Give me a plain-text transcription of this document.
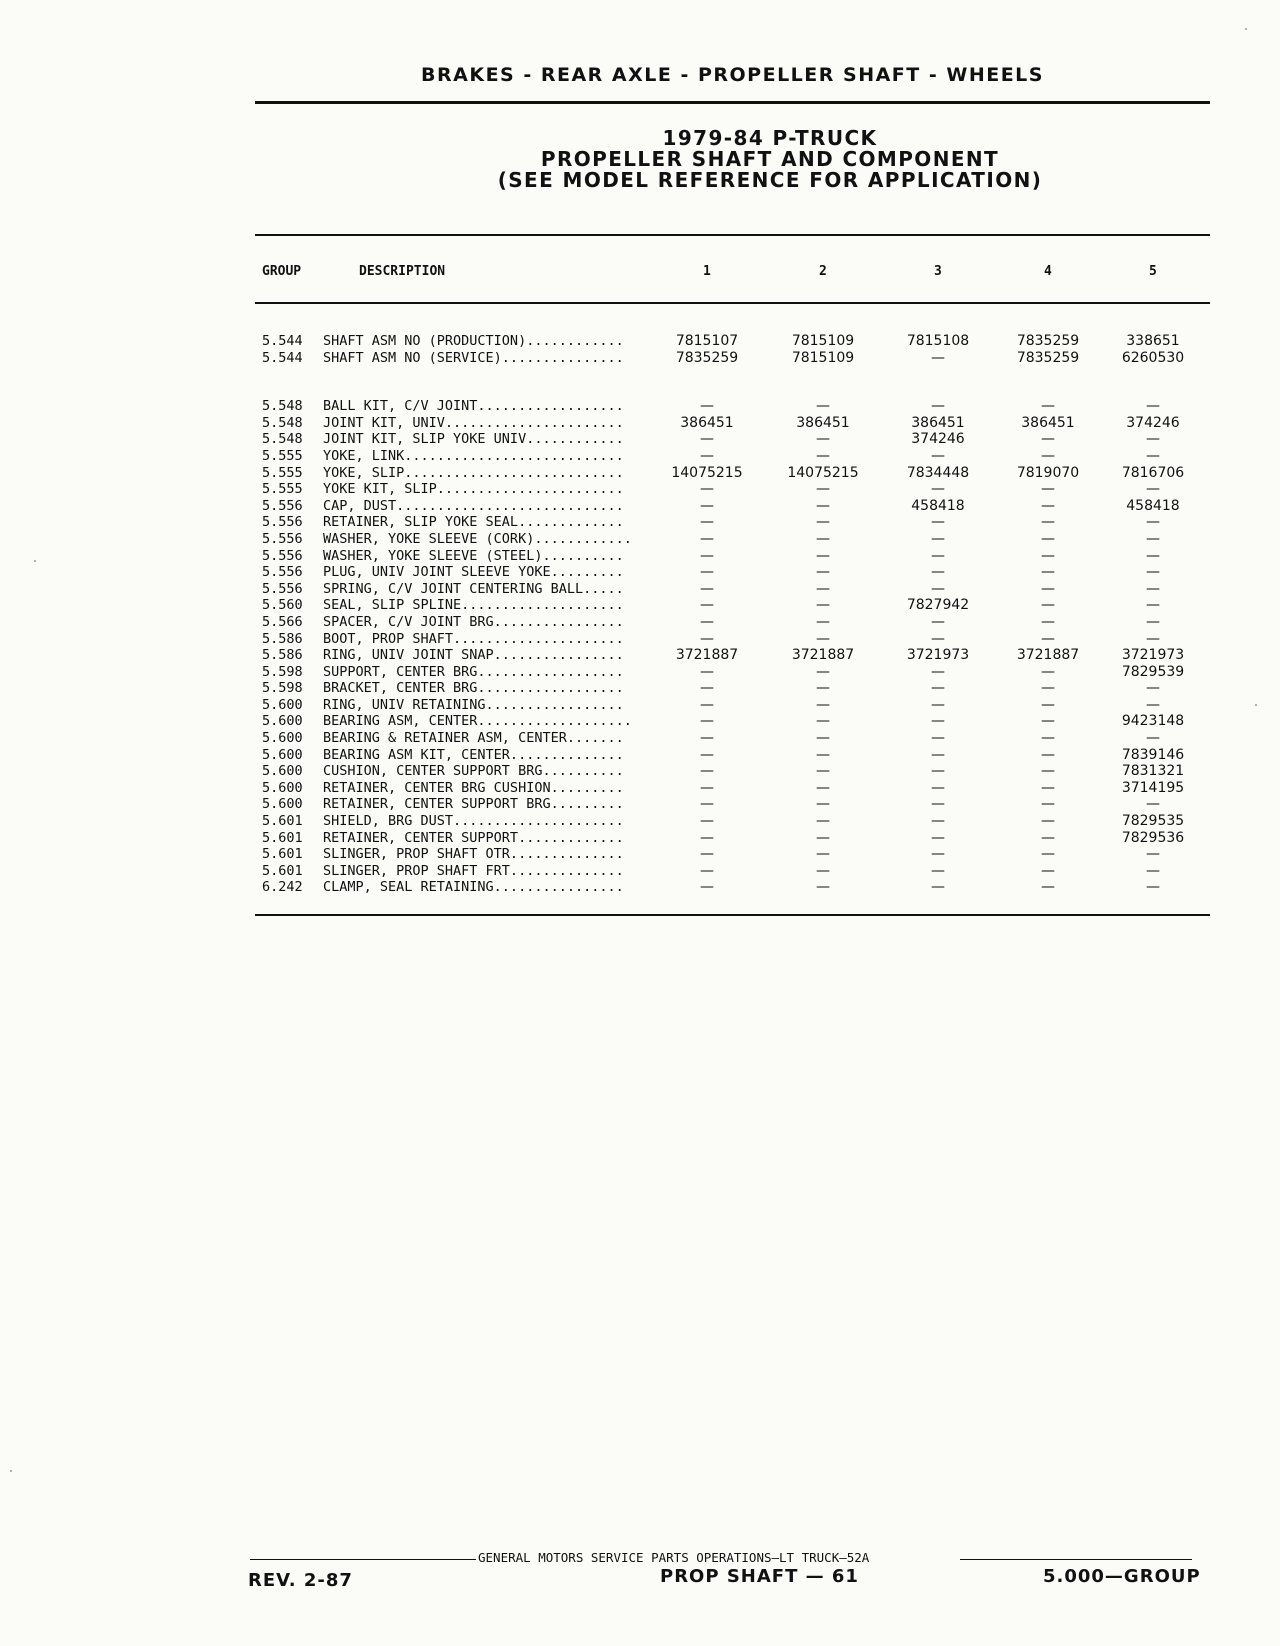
BRAKES - REAR AXLE - PROPELLER SHAFT - WHEELS
1979-84 P-TRUCK
PROPELLER SHAFT AND COMPONENT
(SEE MODEL REFERENCE FOR APPLICATION)
GROUP	DESCRIPTION	1	2	3	4	5
5.544 SHAFT ASM NO (PRODUCTION)............	7815107	7815109	7815108	7835259	338651
5.544 SHAFT ASM NO (SERVICE)...............	7835259	7815109	—	7835259	6260530
5.548 BALL KIT, C/V JOINT..................	—	—	—	—	—
5.548 JOINT KIT, UNIV......................	386451	386451	386451	386451	374246
5.548 JOINT KIT, SLIP YOKE UNIV............	—	—	374246	—	—
5.555 YOKE, LINK...........................	—	—	—	—	—
5.555 YOKE, SLIP...........................	14075215	14075215	7834448	7819070	7816706
5.555 YOKE KIT, SLIP.......................	—	—	—	—	—
5.556 CAP, DUST............................	—	—	458418	—	458418
5.556 RETAINER, SLIP YOKE SEAL.............	—	—	—	—	—
5.556 WASHER, YOKE SLEEVE (CORK)............	—	—	—	—	—
5.556 WASHER, YOKE SLEEVE (STEEL)..........	—	—	—	—	—
5.556 PLUG, UNIV JOINT SLEEVE YOKE.........	—	—	—	—	—
5.556 SPRING, C/V JOINT CENTERING BALL.....	—	—	—	—	—
5.560 SEAL, SLIP SPLINE....................	—	—	7827942	—	—
5.566 SPACER, C/V JOINT BRG................	—	—	—	—	—
5.586 BOOT, PROP SHAFT.....................	—	—	—	—	—
5.586 RING, UNIV JOINT SNAP................	3721887	3721887	3721973	3721887	3721973
5.598 SUPPORT, CENTER BRG..................	—	—	—	—	7829539
5.598 BRACKET, CENTER BRG..................	—	—	—	—	—
5.600 RING, UNIV RETAINING.................	—	—	—	—	—
5.600 BEARING ASM, CENTER...................	—	—	—	—	9423148
5.600 BEARING & RETAINER ASM, CENTER.......	—	—	—	—	—
5.600 BEARING ASM KIT, CENTER..............	—	—	—	—	7839146
5.600 CUSHION, CENTER SUPPORT BRG..........	—	—	—	—	7831321
5.600 RETAINER, CENTER BRG CUSHION.........	—	—	—	—	3714195
5.600 RETAINER, CENTER SUPPORT BRG.........	—	—	—	—	—
5.601 SHIELD, BRG DUST.....................	—	—	—	—	7829535
5.601 RETAINER, CENTER SUPPORT.............	—	—	—	—	7829536
5.601 SLINGER, PROP SHAFT OTR..............	—	—	—	—	—
5.601 SLINGER, PROP SHAFT FRT..............	—	—	—	—	—
6.242 CLAMP, SEAL RETAINING................	—	—	—	—	—
GENERAL MOTORS SERVICE PARTS OPERATIONS—LT TRUCK—52A
REV. 2-87	PROP SHAFT — 61	5.000—GROUP
